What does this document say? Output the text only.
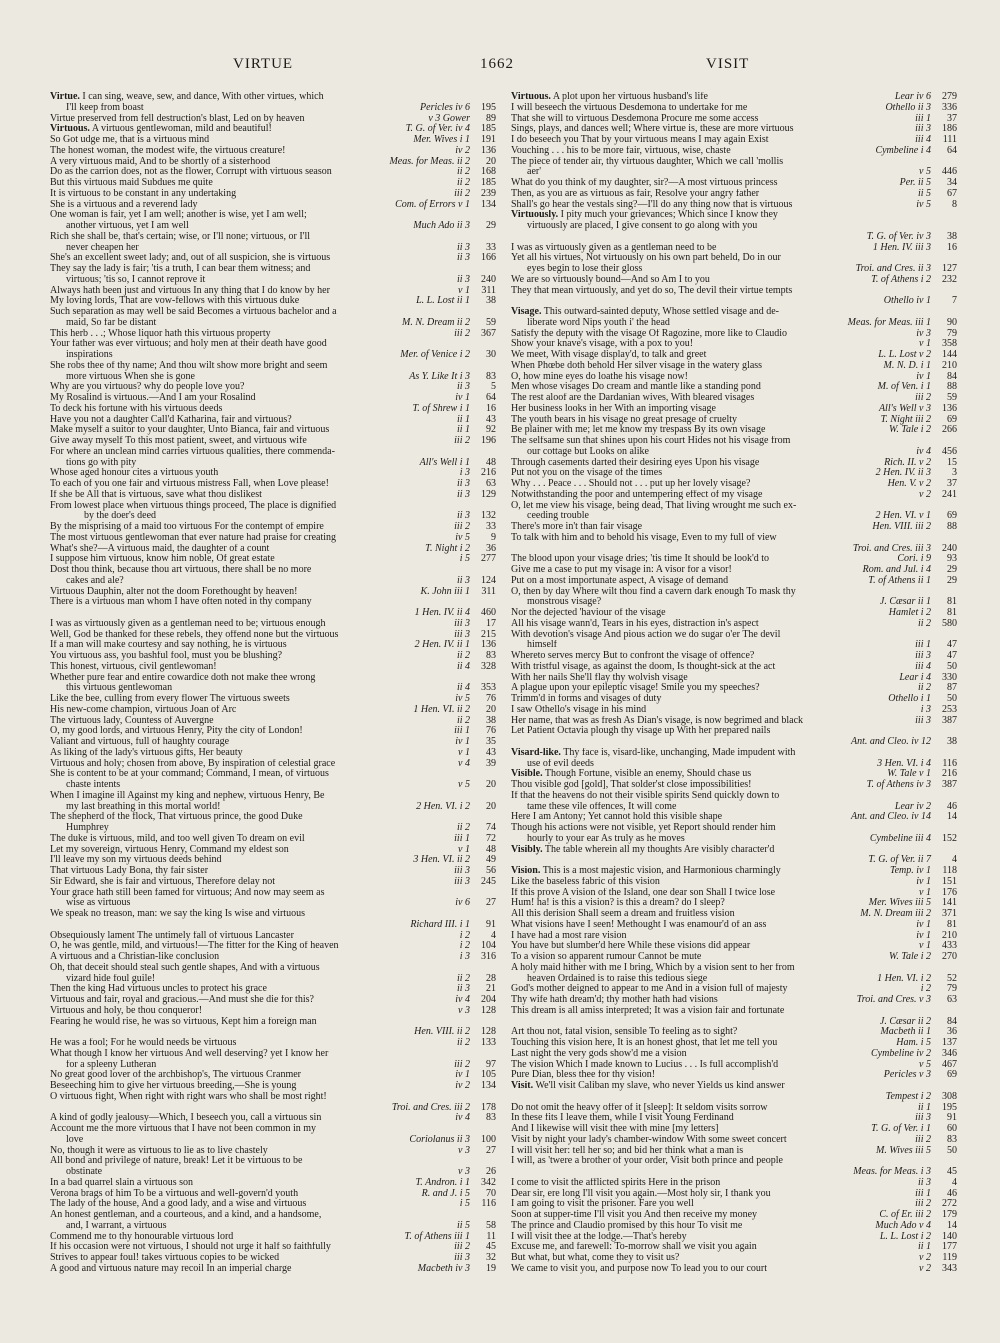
VIRTUE	1662	VISIT
Virtue. I can sing, weave, sew, and dance, With other virtues, which
I'll keep from boast	Pericles iv 6	195
Virtue preserved from fell destruction's blast, Led on by heaven	v 3 Gower	89
Virtuous. A virtuous gentlewoman, mild and beautiful!	T. G. of Ver. iv 4	185
So Got udge me, that is a virtuous mind	Mer. Wives i 1	191
The honest woman, the modest wife, the virtuous creature!	iv 2	136
A very virtuous maid, And to be shortly of a sisterhood	Meas. for Meas. ii 2	20
Do as the carrion does, not as the flower, Corrupt with virtuous season	ii 2	168
But this virtuous maid Subdues me quite	ii 2	185
It is virtuous to be constant in any undertaking	iii 2	239
She is a virtuous and a reverend lady	Com. of Errors v 1	134
One woman is fair, yet I am well; another is wise, yet I am well;
another virtuous, yet I am well	Much Ado ii 3	29
Rich she shall be, that's certain; wise, or I'll none; virtuous, or I'll
never cheapen her	ii 3	33
She's an excellent sweet lady; and, out of all suspicion, she is virtuous	ii 3	166
They say the lady is fair; 'tis a truth, I can bear them witness; and
virtuous; 'tis so, I cannot reprove it	ii 3	240
Always hath been just and virtuous In any thing that I do know by her	v 1	311
My loving lords, That are vow-fellows with this virtuous duke	L. L. Lost ii 1	38
Such separation as may well be said Becomes a virtuous bachelor and a
maid, So far be distant	M. N. Dream ii 2	59
This herb . . .; Whose liquor hath this virtuous property	iii 2	367
Your father was ever virtuous; and holy men at their death have good
inspirations	Mer. of Venice i 2	30
She robs thee of thy name; And thou wilt show more bright and seem
more virtuous When she is gone	As Y. Like It i 3	83
Why are you virtuous? why do people love you?	ii 3	5
My Rosalind is virtuous.—And I am your Rosalind	iv 1	64
To deck his fortune with his virtuous deeds	T. of Shrew i 1	16
Have you not a daughter Call'd Katharina, fair and virtuous?	ii 1	43
Make myself a suitor to your daughter, Unto Bianca, fair and virtuous	ii 1	92
Give away myself To this most patient, sweet, and virtuous wife	iii 2	196
For where an unclean mind carries virtuous qualities, there commenda-
tions go with pity	All's Well i 1	48
Whose aged honour cites a virtuous youth	i 3	216
To each of you one fair and virtuous mistress Fall, when Love please!	ii 3	63
If she be All that is virtuous, save what thou dislikest	ii 3	129
From lowest place when virtuous things proceed, The place is dignified
by the doer's deed	ii 3	132
By the misprising of a maid too virtuous For the contempt of empire	iii 2	33
The most virtuous gentlewoman that ever nature had praise for creating	iv 5	9
What's she?—A virtuous maid, the daughter of a count	T. Night i 2	36
I suppose him virtuous, know him noble, Of great estate	i 5	277
Dost thou think, because thou art virtuous, there shall be no more
cakes and ale?	ii 3	124
Virtuous Dauphin, alter not the doom Forethought by heaven!	K. John iii 1	311
There is a virtuous man whom I have often noted in thy company
1 Hen. IV. ii 4	460
I was as virtuously given as a gentleman need to be; virtuous enough	iii 3	17
Well, God be thanked for these rebels, they offend none but the virtuous	iii 3	215
If a man will make courtesy and say nothing, he is virtuous	2 Hen. IV. ii 1	136
You virtuous ass, you bashful fool, must you be blushing?	ii 2	83
This honest, virtuous, civil gentlewoman!	ii 4	328
Whether pure fear and entire cowardice doth not make thee wrong
this virtuous gentlewoman	ii 4	353
Like the bee, culling from every flower The virtuous sweets	iv 5	76
His new-come champion, virtuous Joan of Arc	1 Hen. VI. ii 2	20
The virtuous lady, Countess of Auvergne	ii 2	38
O, my good lords, and virtuous Henry, Pity the city of London!	iii 1	76
Valiant and virtuous, full of haughty courage	iv 1	35
As liking of the lady's virtuous gifts, Her beauty	v 1	43
Virtuous and holy; chosen from above, By inspiration of celestial grace	v 4	39
She is content to be at your command; Command, I mean, of virtuous
chaste intents	v 5	20
When I imagine ill Against my king and nephew, virtuous Henry, Be
my last breathing in this mortal world!	2 Hen. VI. i 2	20
The shepherd of the flock, That virtuous prince, the good Duke
Humphrey	ii 2	74
The duke is virtuous, mild, and too well given To dream on evil	iii 1	72
Let my sovereign, virtuous Henry, Command my eldest son	v 1	48
I'll leave my son my virtuous deeds behind	3 Hen. VI. ii 2	49
That virtuous Lady Bona, thy fair sister	iii 3	56
Sir Edward, she is fair and virtuous, Therefore delay not	iii 3	245
Your grace hath still been famed for virtuous; And now may seem as
wise as virtuous	iv 6	27
We speak no treason, man: we say the king Is wise and virtuous
Richard III. i 1	91
Obsequiously lament The untimely fall of virtuous Lancaster	i 2	4
O, he was gentle, mild, and virtuous!—The fitter for the King of heaven	i 2	104
A virtuous and a Christian-like conclusion	i 3	316
Oh, that deceit should steal such gentle shapes, And with a virtuous
vizard hide foul guile!	ii 2	28
Then the king Had virtuous uncles to protect his grace	ii 3	21
Virtuous and fair, royal and gracious.—And must she die for this?	iv 4	204
Virtuous and holy, be thou conqueror!	v 3	128
Fearing he would rise, he was so virtuous, Kept him a foreign man
Hen. VIII. ii 2	128
He was a fool; For he would needs be virtuous	ii 2	133
What though I know her virtuous And well deserving? yet I know her
for a spleeny Lutheran	iii 2	97
No great good lover of the archbishop's, The virtuous Cranmer	iv 1	105
Beseeching him to give her virtuous breeding,—She is young	iv 2	134
O virtuous fight, When right with right wars who shall be most right!
Troi. and Cres. iii 2	178
A kind of godly jealousy—Which, I beseech you, call a virtuous sin	iv 4	83
Account me the more virtuous that I have not been common in my
love	Coriolanus ii 3	100
No, though it were as virtuous to lie as to live chastely	v 3	27
All bond and privilege of nature, break! Let it be virtuous to be
obstinate	v 3	26
In a bad quarrel slain a virtuous son	T. Andron. i 1	342
Verona brags of him To be a virtuous and well-govern'd youth	R. and J. i 5	70
The lady of the house, And a good lady, and a wise and virtuous	i 5	116
An honest gentleman, and a courteous, and a kind, and a handsome,
and, I warrant, a virtuous	ii 5	58
Commend me to thy honourable virtuous lord	T. of Athens iii 1	11
If his occasion were not virtuous, I should not urge it half so faithfully	iii 2	45
Strives to appear foul! takes virtuous copies to be wicked	iii 3	32
A good and virtuous nature may recoil In an imperial charge	Macbeth iv 3	19
Virtuous. A plot upon her virtuous husband's life	Lear iv 6	279
I will beseech the virtuous Desdemona to undertake for me	Othello ii 3	336
That she will to virtuous Desdemona Procure me some access	iii 1	37
Sings, plays, and dances well; Where virtue is, these are more virtuous	iii 3	186
I do beseech you That by your virtuous means I may again Exist	iii 4	111
Vouching . . . his to be more fair, virtuous, wise, chaste	Cymbeline i 4	64
The piece of tender air, thy virtuous daughter, Which we call 'mollis
aer'	v 5	446
What do you think of my daughter, sir?—A most virtuous princess	Per. ii 5	34
Then, as you are as virtuous as fair, Resolve your angry father	ii 5	67
Shall's go hear the vestals sing?—I'll do any thing now that is virtuous	iv 5	8
Virtuously. I pity much your grievances; Which since I know they
virtuously are placed, I give consent to go along with you
T. G. of Ver. iv 3	38
I was as virtuously given as a gentleman need to be	1 Hen. IV. iii 3	16
Yet all his virtues, Not virtuously on his own part beheld, Do in our
eyes begin to lose their gloss	Troi. and Cres. ii 3	127
We are so virtuously bound—And so Am I to you	T. of Athens i 2	232
They that mean virtuously, and yet do so, The devil their virtue tempts
Othello iv 1	7
Visage. This outward-sainted deputy, Whose settled visage and de-
liberate word Nips youth i' the head	Meas. for Meas. iii 1	90
Satisfy the deputy with the visage Of Ragozine, more like to Claudio	iv 3	79
Show your knave's visage, with a pox to you!	v 1	358
We meet, With visage display'd, to talk and greet	L. L. Lost v 2	144
When Phœbe doth behold Her silver visage in the watery glass	M. N. D. i 1	210
O, how mine eyes do loathe his visage now!	iv 1	84
Men whose visages Do cream and mantle like a standing pond	M. of Ven. i 1	88
The rest aloof are the Dardanian wives, With bleared visages	iii 2	59
Her business looks in her With an importing visage	All's Well v 3	136
The youth bears in his visage no great presage of cruelty	T. Night iii 2	69
Be plainer with me; let me know my trespass By its own visage	W. Tale i 2	266
The selfsame sun that shines upon his court Hides not his visage from
our cottage but Looks on alike	iv 4	456
Through casements darted their desiring eyes Upon his visage	Rich. II. v 2	15
Put not you on the visage of the times	2 Hen. IV. ii 3	3
Why . . . Peace . . . Should not . . . put up her lovely visage?	Hen. V. v 2	37
Notwithstanding the poor and untempering effect of my visage	v 2	241
O, let me view his visage, being dead, That living wrought me such ex-
ceeding trouble	2 Hen. VI. v 1	69
There's more in't than fair visage	Hen. VIII. iii 2	88
To talk with him and to behold his visage, Even to my full of view
Troi. and Cres. iii 3	240
The blood upon your visage dries; 'tis time It should be look'd to	Cori. i 9	93
Give me a case to put my visage in: A visor for a visor!	Rom. and Jul. i 4	29
Put on a most importunate aspect, A visage of demand	T. of Athens ii 1	29
O, then by day Where wilt thou find a cavern dark enough To mask thy
monstrous visage?	J. Cæsar ii 1	81
Nor the dejected 'haviour of the visage	Hamlet i 2	81
All his visage wann'd, Tears in his eyes, distraction in's aspect	ii 2	580
With devotion's visage And pious action we do sugar o'er The devil
himself	iii 1	47
Whereto serves mercy But to confront the visage of offence?	iii 3	47
With tristful visage, as against the doom, Is thought-sick at the act	iii 4	50
With her nails She'll flay thy wolvish visage	Lear i 4	330
A plague upon your epileptic visage! Smile you my speeches?	ii 2	87
Trimm'd in forms and visages of duty	Othello i 1	50
I saw Othello's visage in his mind	i 3	253
Her name, that was as fresh As Dian's visage, is now begrimed and black	iii 3	387
Let Patient Octavia plough thy visage up With her prepared nails
Ant. and Cleo. iv 12	38
Visard-like. Thy face is, visard-like, unchanging, Made impudent with
use of evil deeds	3 Hen. VI. i 4	116
Visible. Though Fortune, visible an enemy, Should chase us	W. Tale v 1	216
Thou visible god [gold], That solder'st close impossibilities!	T. of Athens iv 3	387
If that the heavens do not their visible spirits Send quickly down to
tame these vile offences, It will come	Lear iv 2	46
Here I am Antony; Yet cannot hold this visible shape	Ant. and Cleo. iv 14	14
Though his actions were not visible, yet Report should render him
hourly to your ear As truly as he moves	Cymbeline iii 4	152
Visibly. The table wherein all my thoughts Are visibly character'd
T. G. of Ver. ii 7	4
Vision. This is a most majestic vision, and Harmonious charmingly	Temp. iv 1	118
Like the baseless fabric of this vision	iv 1	151
If this prove A vision of the Island, one dear son Shall I twice lose	v 1	176
Hum! ha! is this a vision? is this a dream? do I sleep?	Mer. Wives iii 5	141
All this derision Shall seem a dream and fruitless vision	M. N. Dream iii 2	371
What visions have I seen! Methought I was enamour'd of an ass	iv 1	81
I have had a most rare vision	iv 1	210
You have but slumber'd here While these visions did appear	v 1	433
To a vision so apparent rumour Cannot be mute	W. Tale i 2	270
A holy maid hither with me I bring, Which by a vision sent to her from
heaven Ordained is to raise this tedious siege	1 Hen. VI. i 2	52
God's mother deigned to appear to me And in a vision full of majesty	i 2	79
Thy wife hath dream'd; thy mother hath had visions	Troi. and Cres. v 3	63
This dream is all amiss interpreted; It was a vision fair and fortunate
J. Cæsar ii 2	84
Art thou not, fatal vision, sensible To feeling as to sight?	Macbeth ii 1	36
Touching this vision here, It is an honest ghost, that let me tell you	Ham. i 5	137
Last night the very gods show'd me a vision	Cymbeline iv 2	346
The vision Which I made known to Lucius . . . Is full accomplish'd	v 5	467
Pure Dian, bless thee for thy vision!	Pericles v 3	69
Visit. We'll visit Caliban my slave, who never Yields us kind answer
Tempest i 2	308
Do not omit the heavy offer of it [sleep]: It seldom visits sorrow	ii 1	195
In these fits I leave them, while I visit Young Ferdinand	iii 3	91
And I likewise will visit thee with mine [my letters]	T. G. of Ver. i 1	60
Visit by night your lady's chamber-window With some sweet concert	iii 2	83
I will visit her: tell her so; and bid her think what a man is	M. Wives iii 5	50
I will, as 'twere a brother of your order, Visit both prince and people
Meas. for Meas. i 3	45
I come to visit the afflicted spirits Here in the prison	ii 3	4
Dear sir, ere long I'll visit you again.—Most holy sir, I thank you	iii 1	46
I am going to visit the prisoner. Fare you well	iii 2	272
Soon at supper-time I'll visit you And then receive my money	C. of Er. iii 2	179
The prince and Claudio promised by this hour To visit me	Much Ado v 4	14
I will visit thee at the lodge.—That's hereby	L. L. Lost i 2	140
Excuse me, and farewell: To-morrow shall we visit you again	ii 1	177
But what, but what, come they to visit us?	v 2	119
We came to visit you, and purpose now To lead you to our court	v 2	343
